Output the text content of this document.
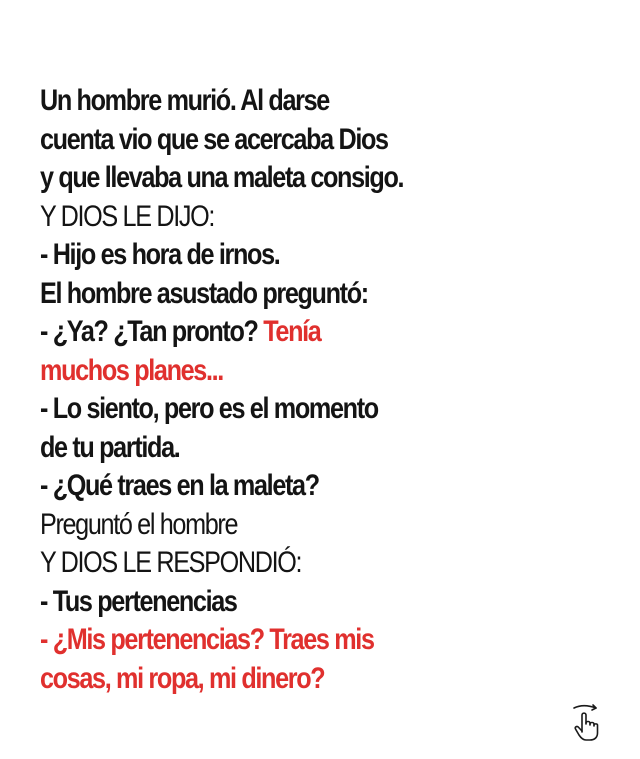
Un hombre murió. Al darse
cuenta vio que se acercaba Dios
y que llevaba una maleta consigo.
Y DIOS LE DIJO:
- Hijo es hora de irnos.
El hombre asustado preguntó:
- ¿Ya? ¿Tan pronto? Tenía
muchos planes...
- Lo siento, pero es el momento
de tu partida.
- ¿Qué traes en la maleta?
Preguntó el hombre
Y DIOS LE RESPONDIÓ:
- Tus pertenencias
- ¿Mis pertenencias? Traes mis
cosas, mi ropa, mi dinero?
